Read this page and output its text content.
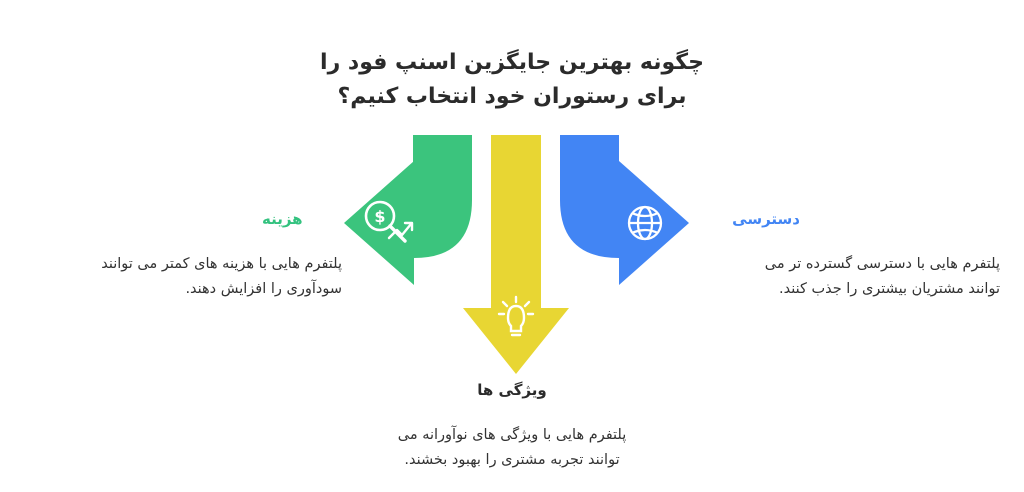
چگونه بهترین جایگزین اسنپ فود را
برای رستوران خود انتخاب کنیم؟
$
هزینه
پلتفرم هایی با هزینه های کمتر می توانند
سودآوری را افزایش دهند.
دسترسی
پلتفرم هایی با دسترسی گسترده تر می
توانند مشتریان بیشتری را جذب کنند.
ویژگی ها
پلتفرم هایی با ویژگی های نوآورانه می
توانند تجربه مشتری را بهبود بخشند.
